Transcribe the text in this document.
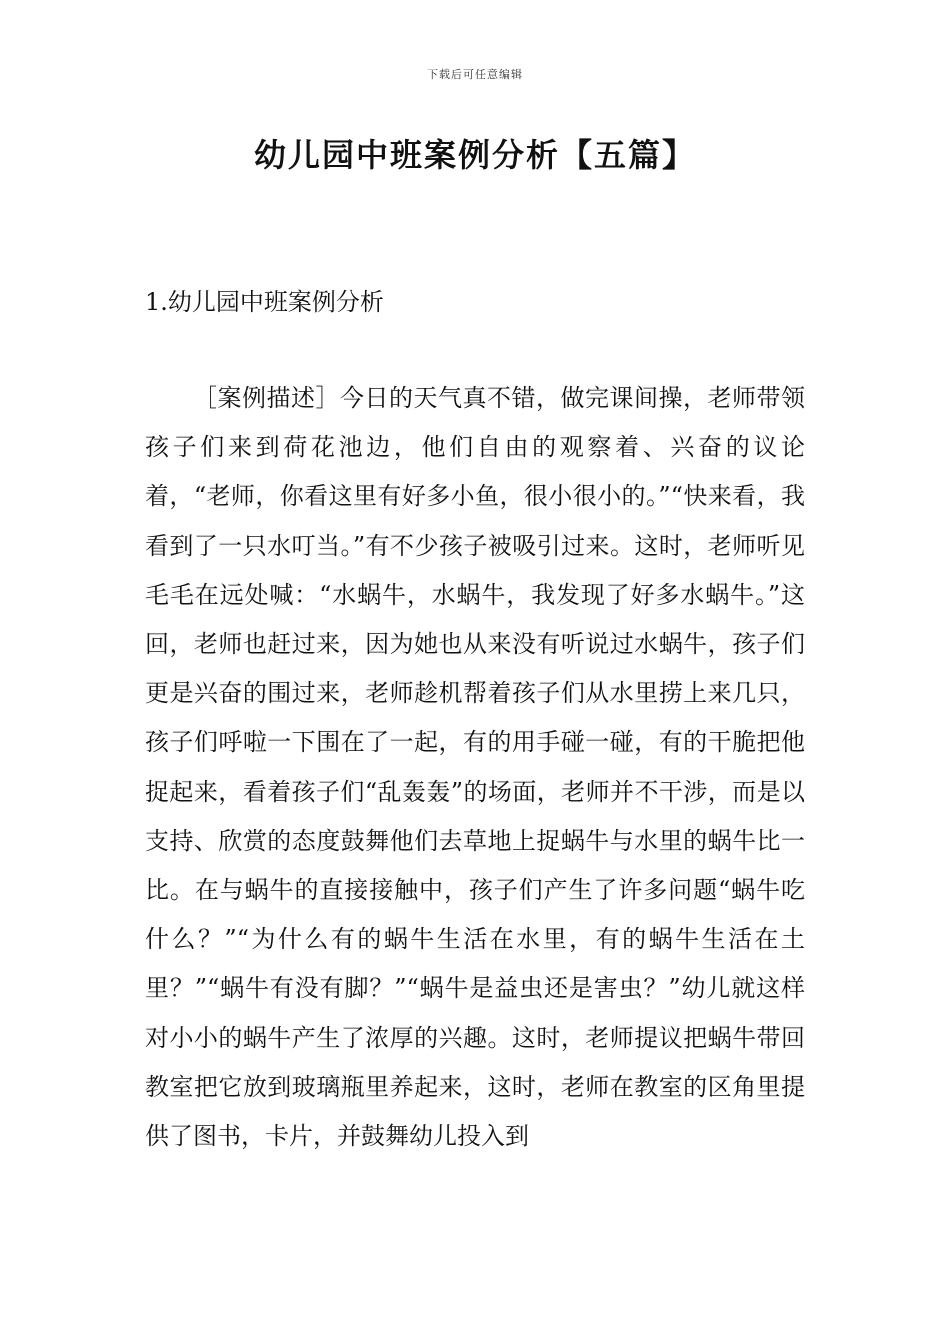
下载后可任意编辑
幼儿园中班案例分析【五篇】
1.幼儿园中班案例分析

［案例描述］今日的天气真不错，做完课间操，老师带领孩子们来到荷花池边，他们自由的观察着、兴奋的议论着，“老师，你看这里有好多小鱼，很小很小的。”“快来看，我看到了一只水叮当。”有不少孩子被吸引过来。这时，老师听见毛毛在远处喊：“水蜗牛，水蜗牛，我发现了好多水蜗牛。”这回，老师也赶过来，因为她也从来没有听说过水蜗牛，孩子们更是兴奋的围过来，老师趁机帮着孩子们从水里捞上来几只，孩子们呼啦一下围在了一起，有的用手碰一碰，有的干脆把他捉起来，看着孩子们“乱轰轰”的场面，老师并不干涉，而是以支持、欣赏的态度鼓舞他们去草地上捉蜗牛与水里的蜗牛比一比。在与蜗牛的直接接触中，孩子们产生了许多问题“蜗牛吃什么？”“为什么有的蜗牛生活在水里，有的蜗牛生活在土里？”“蜗牛有没有脚？”“蜗牛是益虫还是害虫？”幼儿就这样对小小的蜗牛产生了浓厚的兴趣。这时，老师提议把蜗牛带回教室把它放到玻璃瓶里养起来，这时，老师在教室的区角里提供了图书，卡片，并鼓舞幼儿投入到
